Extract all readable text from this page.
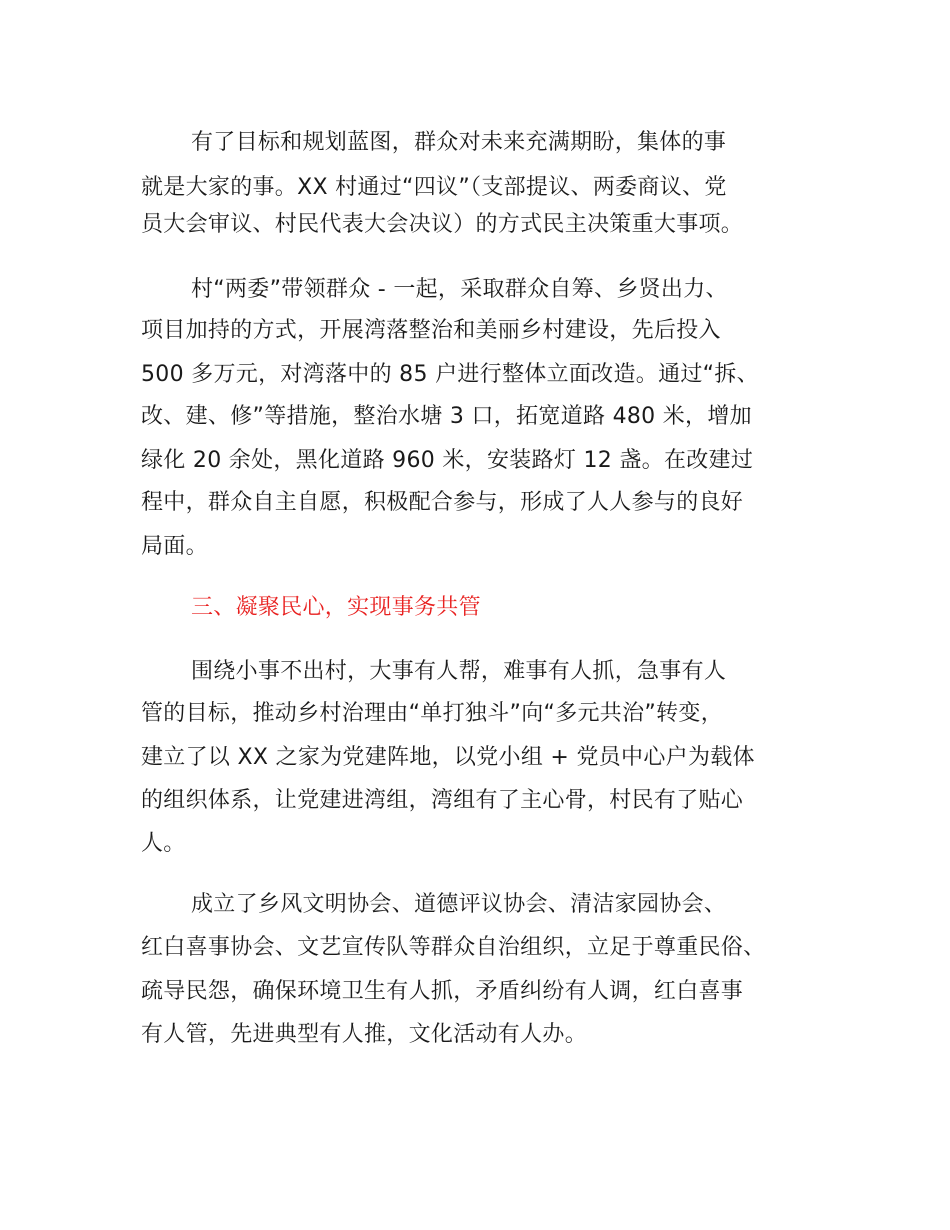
有了目标和规划蓝图，群众对未来充满期盼，集体的事
就是大家的事。XX 村通过“四议”（支部提议、两委商议、党
员大会审议、村民代表大会决议）的方式民主决策重大事项。
村“两委”带领群众 - 一起，采取群众自筹、乡贤出力、
项目加持的方式，开展湾落整治和美丽乡村建设，先后投入
500 多万元，对湾落中的 85 户进行整体立面改造。通过“拆、
改、建、修”等措施，整治水塘 3 口，拓宽道路 480 米，增加
绿化 20 余处，黑化道路 960 米，安装路灯 12 盏。在改建过
程中，群众自主自愿，积极配合参与，形成了人人参与的良好
局面。
三、凝聚民心，实现事务共管
围绕小事不出村，大事有人帮，难事有人抓，急事有人
管的目标，推动乡村治理由“单打独斗”向“多元共治”转变，
建立了以 XX 之家为党建阵地，以党小组 + 党员中心户为载体
的组织体系，让党建进湾组，湾组有了主心骨，村民有了贴心
人。
成立了乡风文明协会、道德评议协会、清洁家园协会、
红白喜事协会、文艺宣传队等群众自治组织，立足于尊重民俗、
疏导民怨，确保环境卫生有人抓，矛盾纠纷有人调，红白喜事
有人管，先进典型有人推，文化活动有人办。
